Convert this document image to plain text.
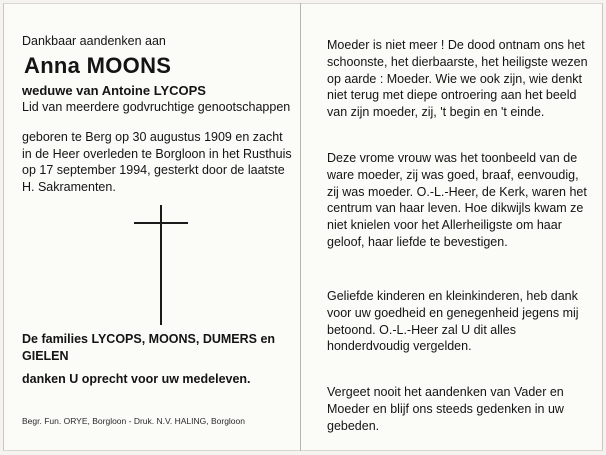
Dankbaar aandenken aan
Anna MOONS
weduwe van Antoine LYCOPS
Lid van meerdere godvruchtige genootschappen

geboren te Berg op 30 augustus 1909 en zacht in de Heer overleden te Borgloon in het Rusthuis op 17 september 1994, gesterkt door de laatste H. Sakramenten.

De families LYCOPS, MOONS, DUMERS en GIELEN

danken U oprecht voor uw medeleven.
Begr. Fun. ORYE, Borgloon - Druk. N.V. HALING, Borgloon

Moeder is niet meer ! De dood ontnam ons het schoonste, het dierbaarste, het heiligste wezen op aarde : Moeder. Wie we ook zijn, wie denkt niet terug met diepe ontroering aan het beeld van zijn moeder, zij, 't begin en 't einde.

Deze vrome vrouw was het toonbeeld van de ware moeder, zij was goed, braaf, eenvoudig, zij was moeder. O.-L.-Heer, de Kerk, waren het centrum van haar leven. Hoe dikwijls kwam ze niet knielen voor het Allerheiligste om haar geloof, haar liefde te bevestigen.

Geliefde kinderen en kleinkinderen, heb dank voor uw goedheid en genegenheid jegens mij betoond. O.-L.-Heer zal U dit alles honderdvoudig vergelden.

Vergeet nooit het aandenken van Vader en Moeder en blijf ons steeds gedenken in uw gebeden.
